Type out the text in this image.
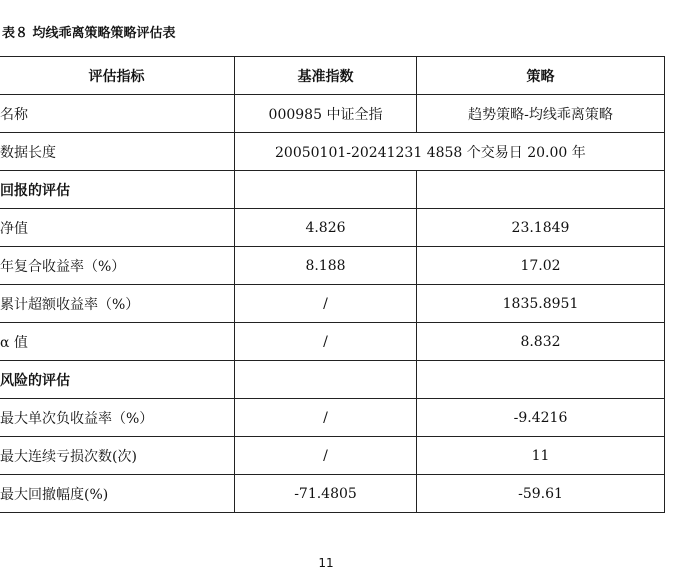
表８ 均线乖离策略策略评估表
评估指标	基准指数	策略
名称	000985 中证全指	趋势策略-均线乖离策略
数据长度	20050101-20241231 4858 个交易日 20.00 年	

回报的评估		
净值	4.826	23.1849
年复合收益率（%）	8.188	17.02
累计超额收益率（%）	/	1835.8951
α 值	/	8.832
风险的评估		
最大单次负收益率（%）	/	-9.4216
最大连续亏损次数(次)	/	11
最大回撤幅度(%)	-71.4805	-59.61
11
